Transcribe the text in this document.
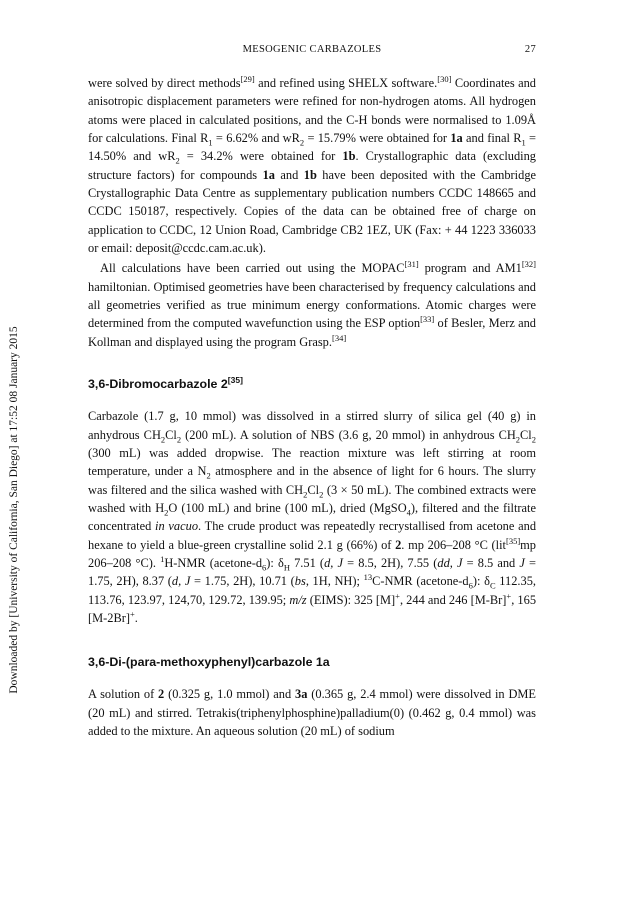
MESOGENIC CARBAZOLES	27
Downloaded by [University of California, San Diego] at 17:52 08 January 2015

were solved by direct methods[29] and refined using SHELX software.[30] Coordinates and anisotropic displacement parameters were refined for non-hydrogen atoms. All hydrogen atoms were placed in calculated positions, and the C-H bonds were normalised to 1.09Å for calculations. Final $R_1 = 6.62\%$ and $wR_2 = 15.79\%$ were obtained for 1a and final $R_1 = 14.50\%$ and $wR_2 = 34.2\%$ were obtained for 1b. Crystallographic data (excluding structure factors) for compounds 1a and 1b have been deposited with the Cambridge Crystallographic Data Centre as supplementary publication numbers CCDC 148665 and CCDC 150187, respectively. Copies of the data can be obtained free of charge on application to CCDC, 12 Union Road, Cambridge CB2 1EZ, UK (Fax: + 44 1223 336033 or email: deposit@ccdc.cam.ac.uk).

All calculations have been carried out using the MOPAC[31] program and AM1[32] hamiltonian. Optimised geometries have been characterised by frequency calculations and all geometries verified as true minimum energy conformations. Atomic charges were determined from the computed wavefunction using the ESP option[33] of Besler, Merz and Kollman and displayed using the program Grasp.[34]

3,6-Dibromocarbazole 2[35]

Carbazole (1.7 g, 10 mmol) was dissolved in a stirred slurry of silica gel (40 g) in anhydrous $CH_2Cl_2$ (200 mL). A solution of NBS (3.6 g, 20 mmol) in anhydrous $CH_2Cl_2$ (300 mL) was added dropwise. The reaction mixture was left stirring at room temperature, under a $N_2$ atmosphere and in the absence of light for 6 hours. The slurry was filtered and the silica washed with $CH_2Cl_2$ (3 × 50 mL). The combined extracts were washed with $H_2O$ (100 mL) and brine (100 mL), dried (MgSO$_4$), filtered and the filtrate concentrated in vacuo. The crude product was repeatedly recrystallised from acetone and hexane to yield a blue-green crystalline solid 2.1 g (66%) of 2. mp 206–208 °C (lit[35]mp 206–208 °C). $^1$H-NMR $(acetone-d_6)$: $\delta_H$ 7.51 (d, J = 8.5, 2H), 7.55 (dd, J = 8.5 and J = 1.75, 2H), 8.37 (d, J = 1.75, 2H), 10.71 (bs, 1H, NH); $^{13}$C-NMR $(acetone-d_6)$: $\delta_C$ 112.35, 113.76, 123.97, 124,70, 129.72, 139.95; m/z (EIMS): 325 [M]+, 244 and 246 [M-Br]+, 165 [M-2Br]+.

3,6-Di-(para-methoxyphenyl)carbazole 1a

A solution of 2 (0.325 g, 1.0 mmol) and 3a (0.365 g, 2.4 mmol) were dissolved in DME (20 mL) and stirred. Tetrakis(triphenylphosphine)palladium(0) (0.462 g, 0.4 mmol) was added to the mixture. An aqueous solution (20 mL) of sodium
